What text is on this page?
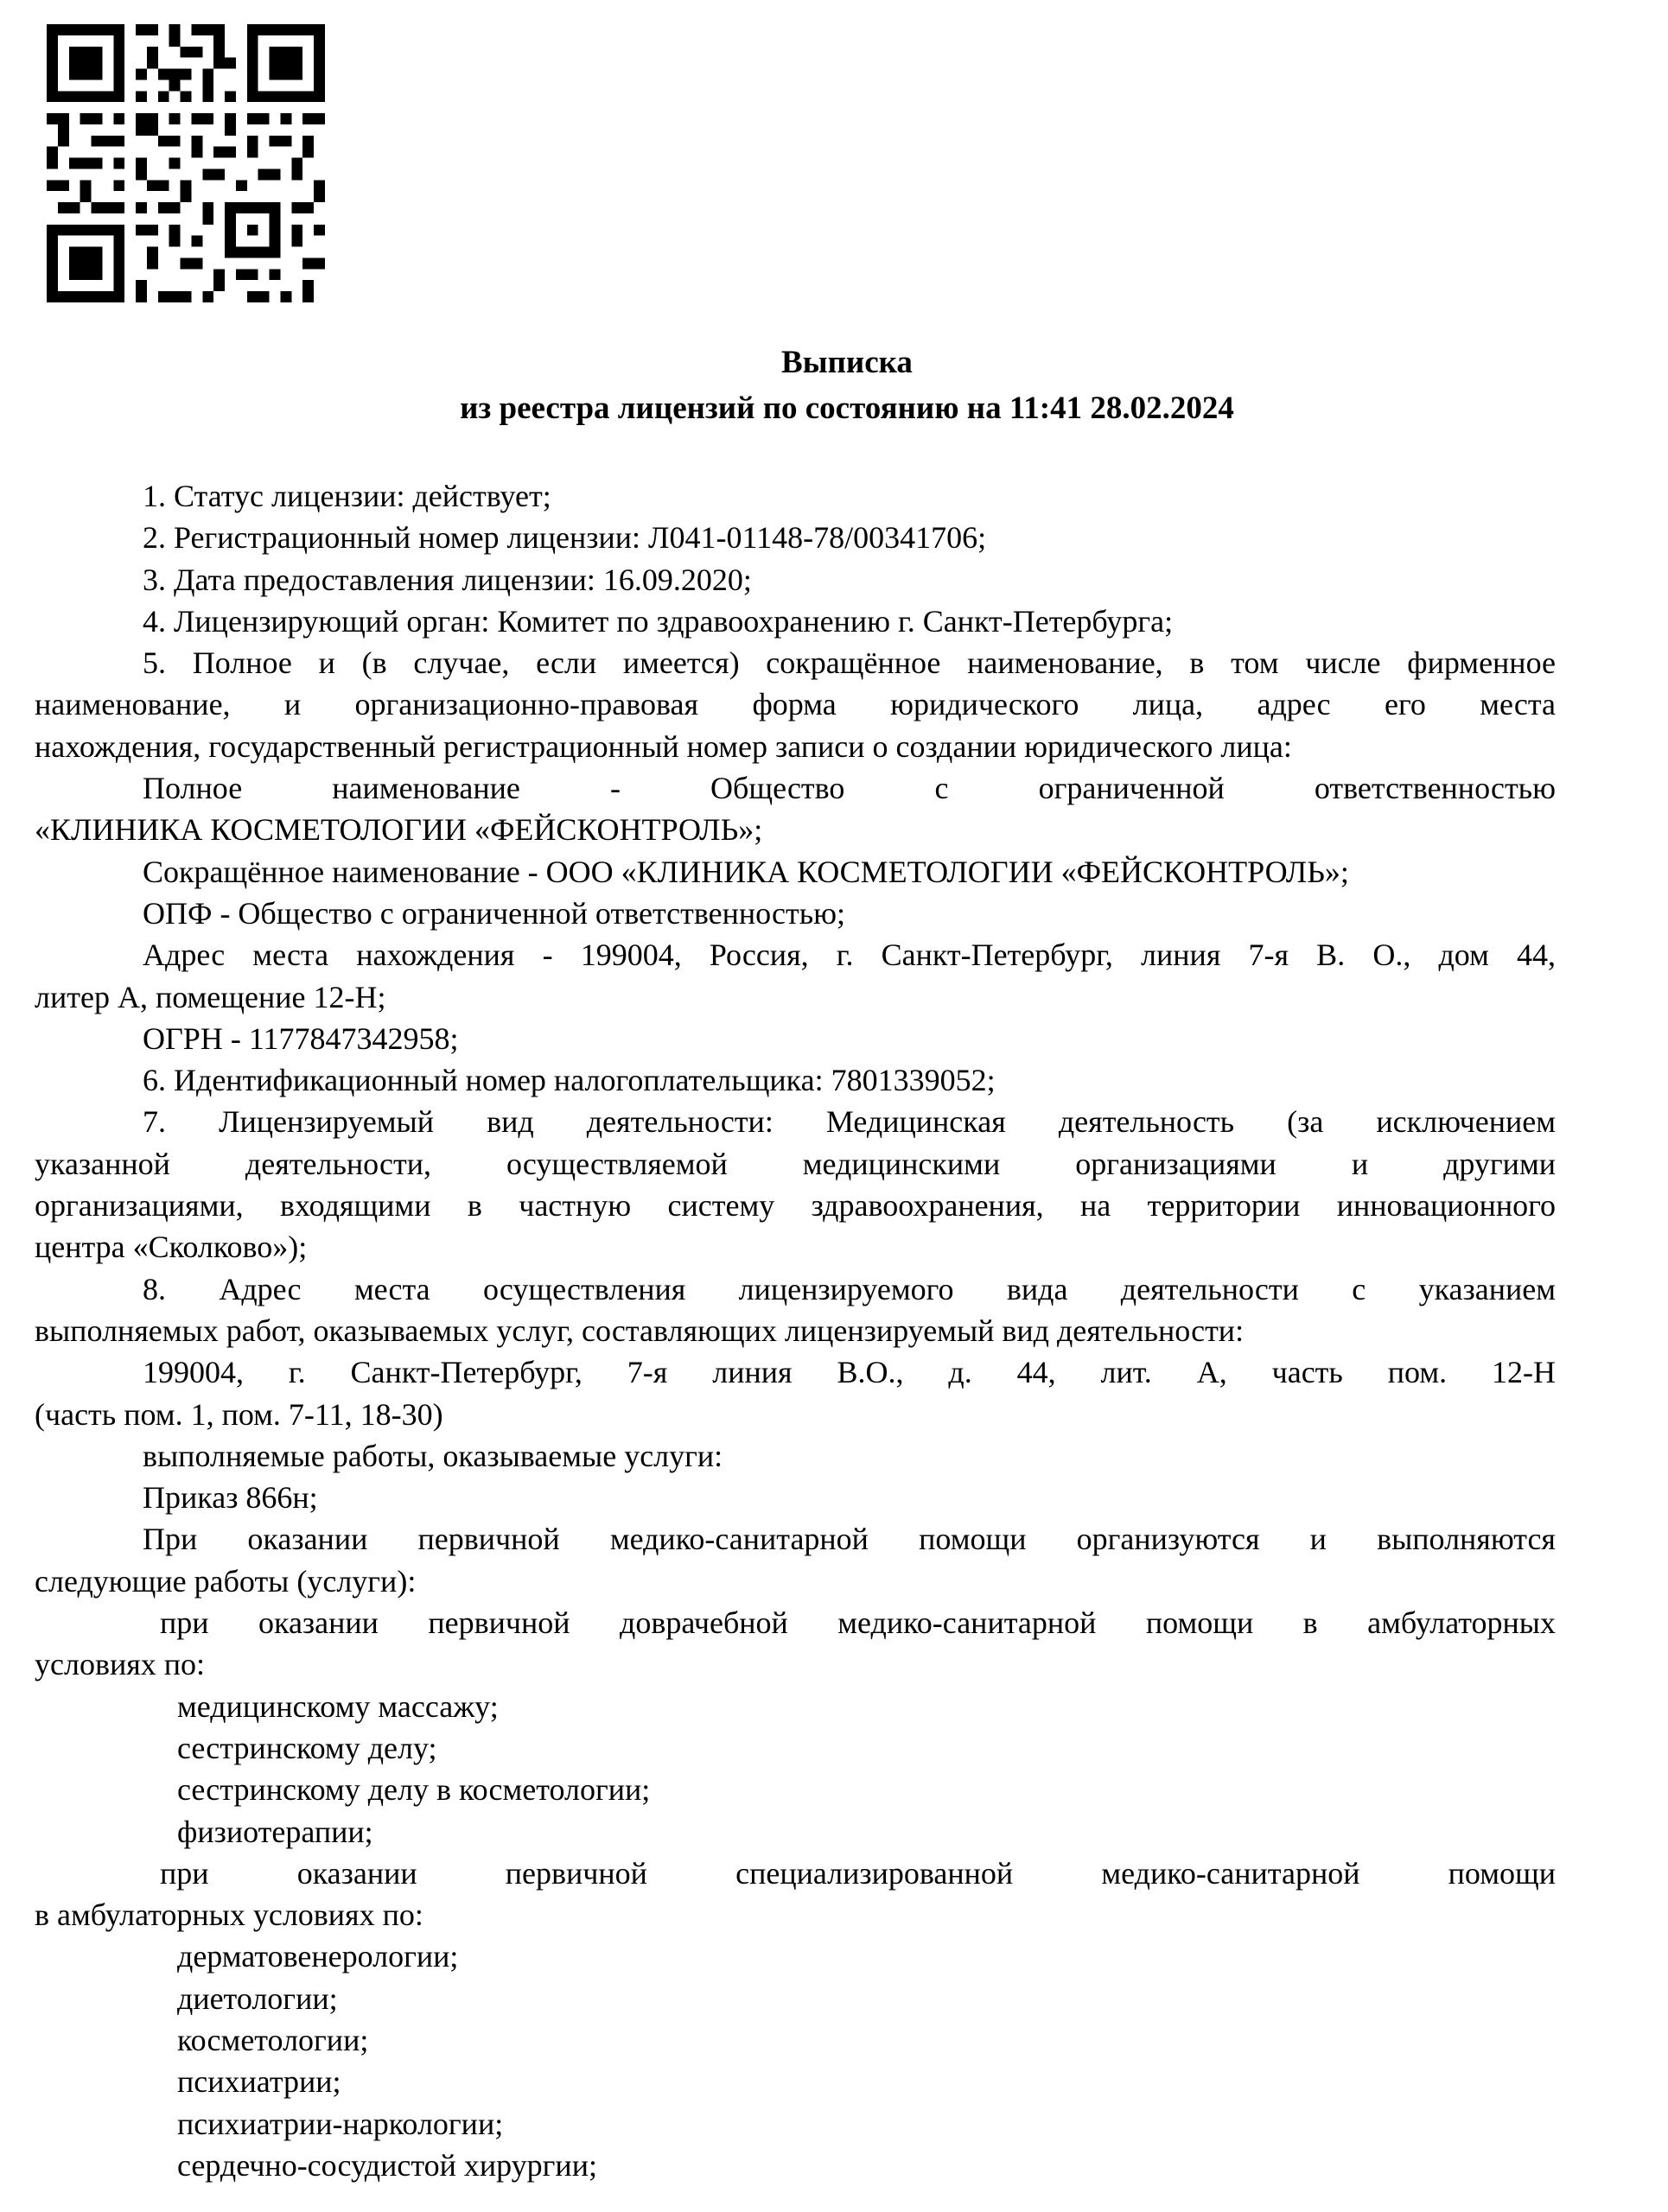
Выписка
из реестра лицензий по состоянию на 11:41 28.02.2024

1. Статус лицензии: действует;

2. Регистрационный номер лицензии: Л041-01148-78/00341706;

3. Дата предоставления лицензии: 16.09.2020;

4. Лицензирующий орган: Комитет по здравоохранению г. Санкт-Петербурга;

5. Полное и (в случае, если имеется) сокращённое наименование, в том числе фирменное

наименование, и организационно-правовая форма юридического лица, адрес его места

нахождения, государственный регистрационный номер записи о создании юридического лица:

Полное наименование - Общество с ограниченной ответственностью

«КЛИНИКА КОСМЕТОЛОГИИ «ФЕЙСКОНТРОЛЬ»;

Сокращённое наименование - ООО «КЛИНИКА КОСМЕТОЛОГИИ «ФЕЙСКОНТРОЛЬ»;

ОПФ - Общество с ограниченной ответственностью;

Адрес места нахождения - 199004, Россия, г. Санкт-Петербург, линия 7-я В. О., дом 44,

литер А, помещение 12-Н;

ОГРН - 1177847342958;

6. Идентификационный номер налогоплательщика: 7801339052;

7. Лицензируемый вид деятельности: Медицинская деятельность (за исключением

указанной деятельности, осуществляемой медицинскими организациями и другими

организациями, входящими в частную систему здравоохранения, на территории инновационного

центра «Сколково»);

8. Адрес места осуществления лицензируемого вида деятельности с указанием

выполняемых работ, оказываемых услуг, составляющих лицензируемый вид деятельности:

199004, г. Санкт-Петербург, 7-я линия В.О., д. 44, лит. А, часть пом. 12-Н

(часть пом. 1, пом. 7-11, 18-30)

выполняемые работы, оказываемые услуги:

Приказ 866н;

При оказании первичной медико-санитарной помощи организуются и выполняются

следующие работы (услуги):

при оказании первичной доврачебной медико-санитарной помощи в амбулаторных

условиях по:

медицинскому массажу;

сестринскому делу;

сестринскому делу в косметологии;

физиотерапии;

при оказании первичной специализированной медико-санитарной помощи

в амбулаторных условиях по:

дерматовенерологии;

диетологии;

косметологии;

психиатрии;

психиатрии-наркологии;

сердечно-сосудистой хирургии;
